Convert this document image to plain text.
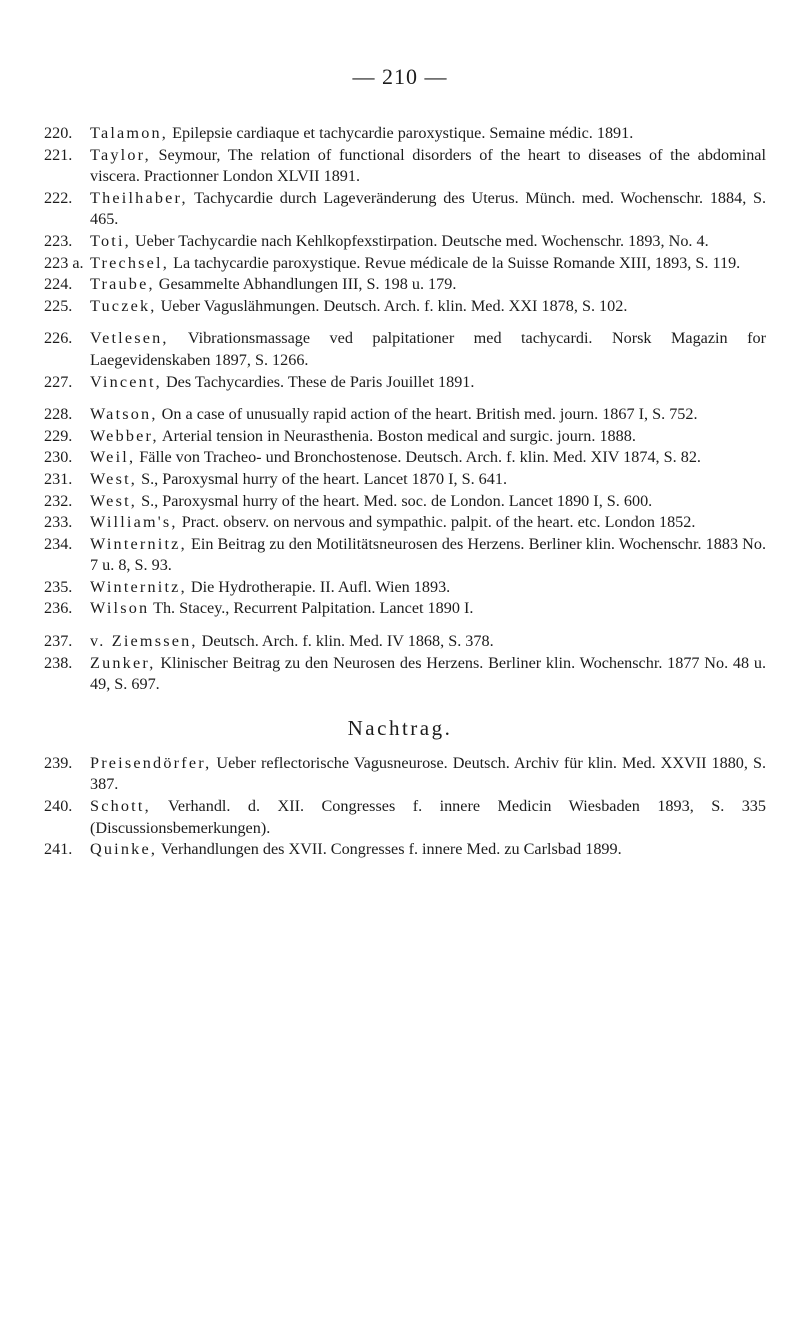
— 210 —
220.	Talamon, Epilepsie cardiaque et tachycardie paroxystique. Semaine médic. 1891.
221.	Taylor, Seymour, The relation of functional disorders of the heart to diseases of the abdominal viscera. Practionner London XLVII 1891.
222.	Theilhaber, Tachycardie durch Lageveränderung des Uterus. Münch. med. Wochenschr. 1884, S. 465.
223.	Toti, Ueber Tachycardie nach Kehlkopfexstirpation. Deutsche med. Wochenschr. 1893, No. 4.
223 a. Trechsel, La tachycardie paroxystique. Revue médicale de la Suisse Romande XIII, 1893, S. 119.
224.	Traube, Gesammelte Abhandlungen III, S. 198 u. 179.
225.	Tuczek, Ueber Vaguslähmungen. Deutsch. Arch. f. klin. Med. XXI 1878, S. 102.
226.	Vetlesen, Vibrationsmassage ved palpitationer med tachycardi. Norsk Magazin for Laegevidenskaben 1897, S. 1266.
227.	Vincent, Des Tachycardies. These de Paris Jouillet 1891.
228.	Watson, On a case of unusually rapid action of the heart. British med. journ. 1867 I, S. 752.
229.	Webber, Arterial tension in Neurasthenia. Boston medical and surgic. journ. 1888.
230.	Weil, Fälle von Tracheo- und Bronchostenose. Deutsch. Arch. f. klin. Med. XIV 1874, S. 82.
231.	West, S., Paroxysmal hurry of the heart. Lancet 1870 I, S. 641.
232.	West, S., Paroxysmal hurry of the heart. Med. soc. de London. Lancet 1890 I, S. 600.
233.	William's, Pract. observ. on nervous and sympathic. palpit. of the heart. etc. London 1852.
234.	Winternitz, Ein Beitrag zu den Motilitätsneurosen des Herzens. Berliner klin. Wochenschr. 1883 No. 7 u. 8, S. 93.
235.	Winternitz, Die Hydrotherapie. II. Aufl. Wien 1893.
236.	Wilson Th. Stacey., Recurrent Palpitation. Lancet 1890 I.
237.	v. Ziemssen, Deutsch. Arch. f. klin. Med. IV 1868, S. 378.
238.	Zunker, Klinischer Beitrag zu den Neurosen des Herzens. Berliner klin. Wochenschr. 1877 No. 48 u. 49, S. 697.
Nachtrag.
239.	Preisendörfer, Ueber reflectorische Vagusneurose. Deutsch. Archiv für klin. Med. XXVII 1880, S. 387.
240.	Schott, Verhandl. d. XII. Congresses f. innere Medicin Wiesbaden 1893, S. 335 (Discussionsbemerkungen).
241.	Quinke, Verhandlungen des XVII. Congresses f. innere Med. zu Carlsbad 1899.
